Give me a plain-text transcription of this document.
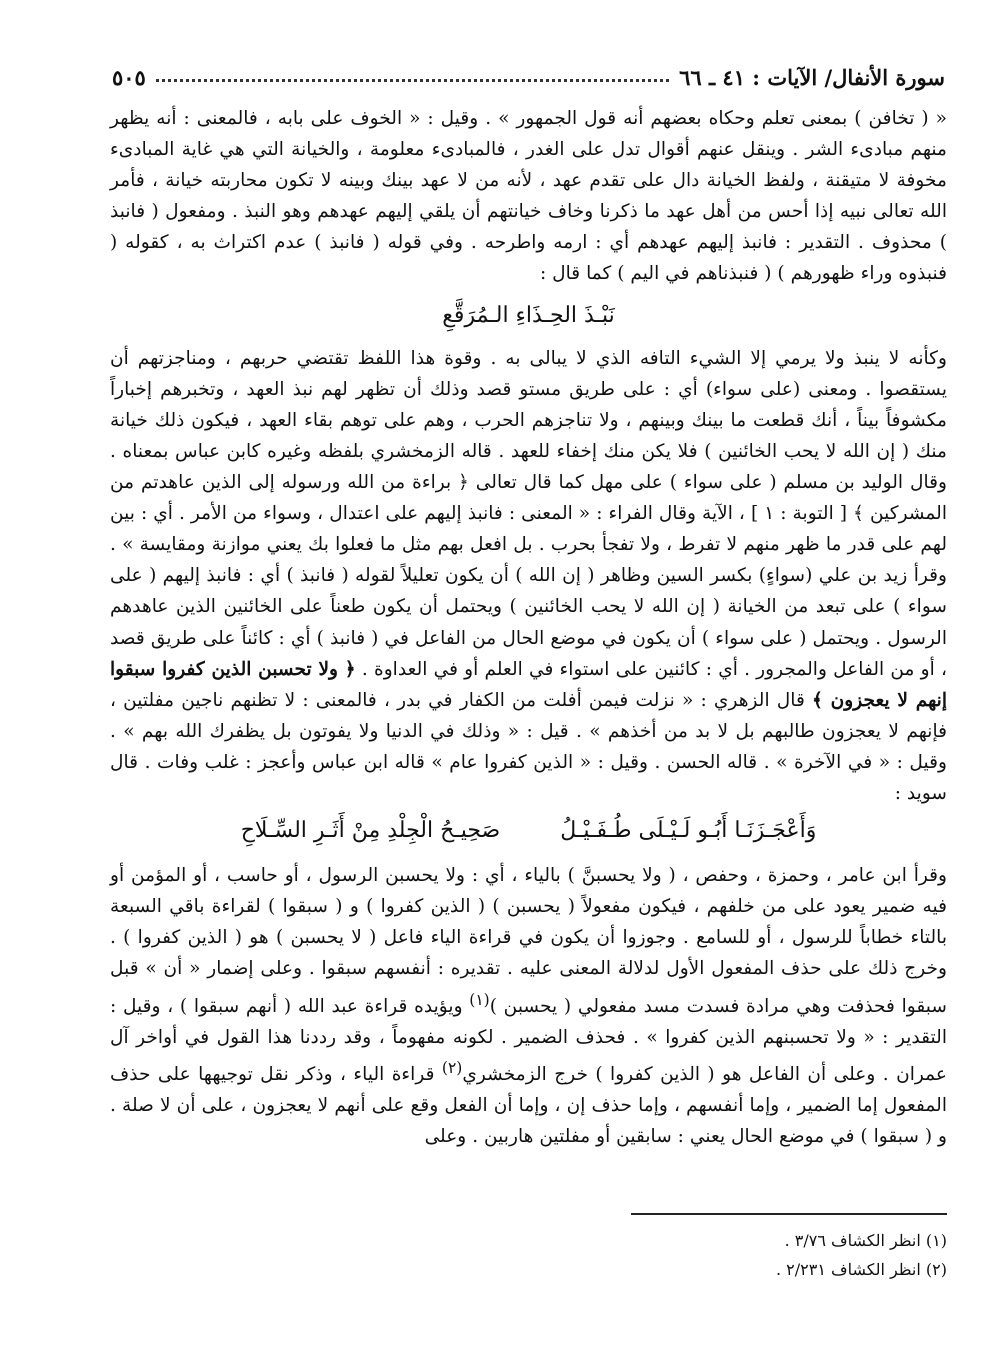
سورة الأنفال/ الآيات : ٤١ ـ ٦٦
٥٠٥

« ( تخافن ) بمعنى تعلم وحكاه بعضهم أنه قول الجمهور » . وقيل : « الخوف على بابه ، فالمعنى : أنه يظهر منهم مبادىء الشر . وينقل عنهم أقوال تدل على الغدر ، فالمبادىء معلومة ، والخيانة التي هي غاية المبادىء مخوفة لا متيقنة ، ولفظ الخيانة دال على تقدم عهد ، لأنه من لا عهد بينك وبينه لا تكون محاربته خيانة ، فأمر الله تعالى نبيه إذا أحس من أهل عهد ما ذكرنا وخاف خيانتهم أن يلقي إليهم عهدهم وهو النبذ . ومفعول ( فانبذ ) محذوف . التقدير : فانبذ إليهم عهدهم أي : ارمه واطرحه . وفي قوله ( فانبذ ) عدم اكتراث به ، كقوله ( فنبذوه وراء ظهورهم ) ( فنبذناهم في اليم ) كما قال :

نَبْـذَ الحِـذَاءِ الـمُرَقَّعِ

وكأنه لا ينبذ ولا يرمي إلا الشيء التافه الذي لا يبالى به . وقوة هذا اللفظ تقتضي حربهم ، ومناجزتهم أن يستقصوا . ومعنى (على سواء) أي : على طريق مستو قصد وذلك أن تظهر لهم نبذ العهد ، وتخبرهم إخباراً مكشوفاً بيناً ، أنك قطعت ما بينك وبينهم ، ولا تناجزهم الحرب ، وهم على توهم بقاء العهد ، فيكون ذلك خيانة منك ( إن الله لا يحب الخائنين ) فلا يكن منك إخفاء للعهد . قاله الزمخشري بلفظه وغيره كابن عباس بمعناه . وقال الوليد بن مسلم ( على سواء ) على مهل كما قال تعالى ﴿ براءة من الله ورسوله إلى الذين عاهدتم من المشركين ﴾ [ التوبة : ١ ] ، الآية وقال الفراء : « المعنى : فانبذ إليهم على اعتدال ، وسواء من الأمر . أي : بين لهم على قدر ما ظهر منهم لا تفرط ، ولا تفجأ بحرب . بل افعل بهم مثل ما فعلوا بك يعني موازنة ومقايسة » . وقرأ زيد بن علي (سواءٍ) بكسر السين وظاهر ( إن الله ) أن يكون تعليلاً لقوله ( فانبذ ) أي : فانبذ إليهم ( على سواء ) على تبعد من الخيانة ( إن الله لا يحب الخائنين ) ويحتمل أن يكون طعناً على الخائنين الذين عاهدهم الرسول . ويحتمل ( على سواء ) أن يكون في موضع الحال من الفاعل في ( فانبذ ) أي : كائناً على طريق قصد ، أو من الفاعل والمجرور . أي : كائنين على استواء في العلم أو في العداوة . ﴿ ولا تحسبن الذين كفروا سبقوا إنهم لا يعجزون ﴾ قال الزهري : « نزلت فيمن أفلت من الكفار في بدر ، فالمعنى : لا تظنهم ناجين مفلتين ، فإنهم لا يعجزون طالبهم بل لا بد من أخذهم » . قيل : « وذلك في الدنيا ولا يفوتون بل يظفرك الله بهم » . وقيل : « في الآخرة » . قاله الحسن . وقيل : « الذين كفروا عام » قاله ابن عباس وأعجز : غلب وفات . قال سويد :

وَأَعْجَـزَنَـا أَبُـو لَـيْـلَى طُـفَـيْـلُ
صَحِيـحُ الْجِلْدِ مِنْ أَثَـرِ السِّـلَاحِ

وقرأ ابن عامر ، وحمزة ، وحفص ، ( ولا يحسبنَّ ) بالياء ، أي : ولا يحسبن الرسول ، أو حاسب ، أو المؤمن أو فيه ضمير يعود على من خلفهم ، فيكون مفعولاً ( يحسبن ) ( الذين كفروا ) و ( سبقوا ) لقراءة باقي السبعة بالتاء خطاباً للرسول ، أو للسامع . وجوزوا أن يكون في قراءة الياء فاعل ( لا يحسبن ) هو ( الذين كفروا ) . وخرج ذلك على حذف المفعول الأول لدلالة المعنى عليه . تقديره : أنفسهم سبقوا . وعلى إضمار « أن » قبل سبقوا فحذفت وهي مرادة فسدت مسد مفعولي ( يحسبن )$^{(١)}$ ويؤيده قراءة عبد الله ( أنهم سبقوا ) ، وقيل : التقدير : « ولا تحسبنهم الذين كفروا » . فحذف الضمير . لكونه مفهوماً ، وقد رددنا هذا القول في أواخر آل عمران . وعلى أن الفاعل هو ( الذين كفروا ) خرج الزمخشري$^{(٢)}$ قراءة الياء ، وذكر نقل توجيهها على حذف المفعول إما الضمير ، وإما أنفسهم ، وإما حذف إن ، وإما أن الفعل وقع على أنهم لا يعجزون ، على أن لا صلة . و ( سبقوا ) في موضع الحال يعني : سابقين أو مفلتين هاربين . وعلى

(١) انظر الكشاف ٣/٧٦ .
(٢) انظر الكشاف ٢/٢٣١ .
